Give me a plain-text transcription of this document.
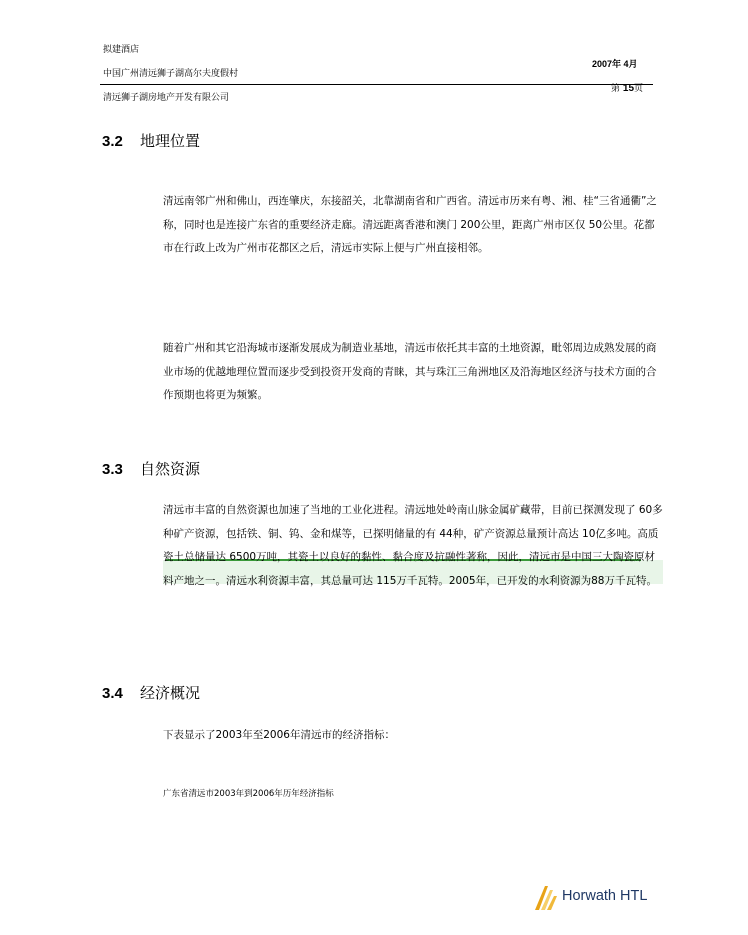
拟建酒店
中国广州清远狮子湖高尔夫度假村
2007年 4月
清远狮子湖房地产开发有限公司
第 15页
3.2 地理位置

清远南邻广州和佛山，西连肇庆，东接韶关，北靠湖南省和广西省。清远市历来有粤、湘、桂“三省通衢”之称，同时也是连接广东省的重要经济走廊。清远距离香港和澳门 200公里，距离广州市区仅 50公里。花都市在行政上改为广州市花都区之后，清远市实际上便与广州直接相邻。

随着广州和其它沿海城市逐渐发展成为制造业基地，清远市依托其丰富的土地资源，毗邻周边成熟发展的商业市场的优越地理位置而逐步受到投资开发商的青睐，其与珠江三角洲地区及沿海地区经济与技术方面的合作预期也将更为频繁。

3.3 自然资源

清远市丰富的自然资源也加速了当地的工业化进程。清远地处岭南山脉金属矿藏带，目前已探测发现了 60多种矿产资源，包括铁、铜、钨、金和煤等，已探明储量的有 44种，矿产资源总量预计高达 10亿多吨。高质瓷土总储量达 6500万吨，其瓷土以良好的黏性、黏合度及抗融性著称，因此，清远市是中国三大陶瓷原材料产地之一。清远水利资源丰富，其总量可达 115万千瓦特。2005年，已开发的水利资源为88万千瓦特。

3.4 经济概况

下表显示了2003年至2006年清远市的经济指标：

广东省清远市2003年到2006年历年经济指标
Horwath HTL
